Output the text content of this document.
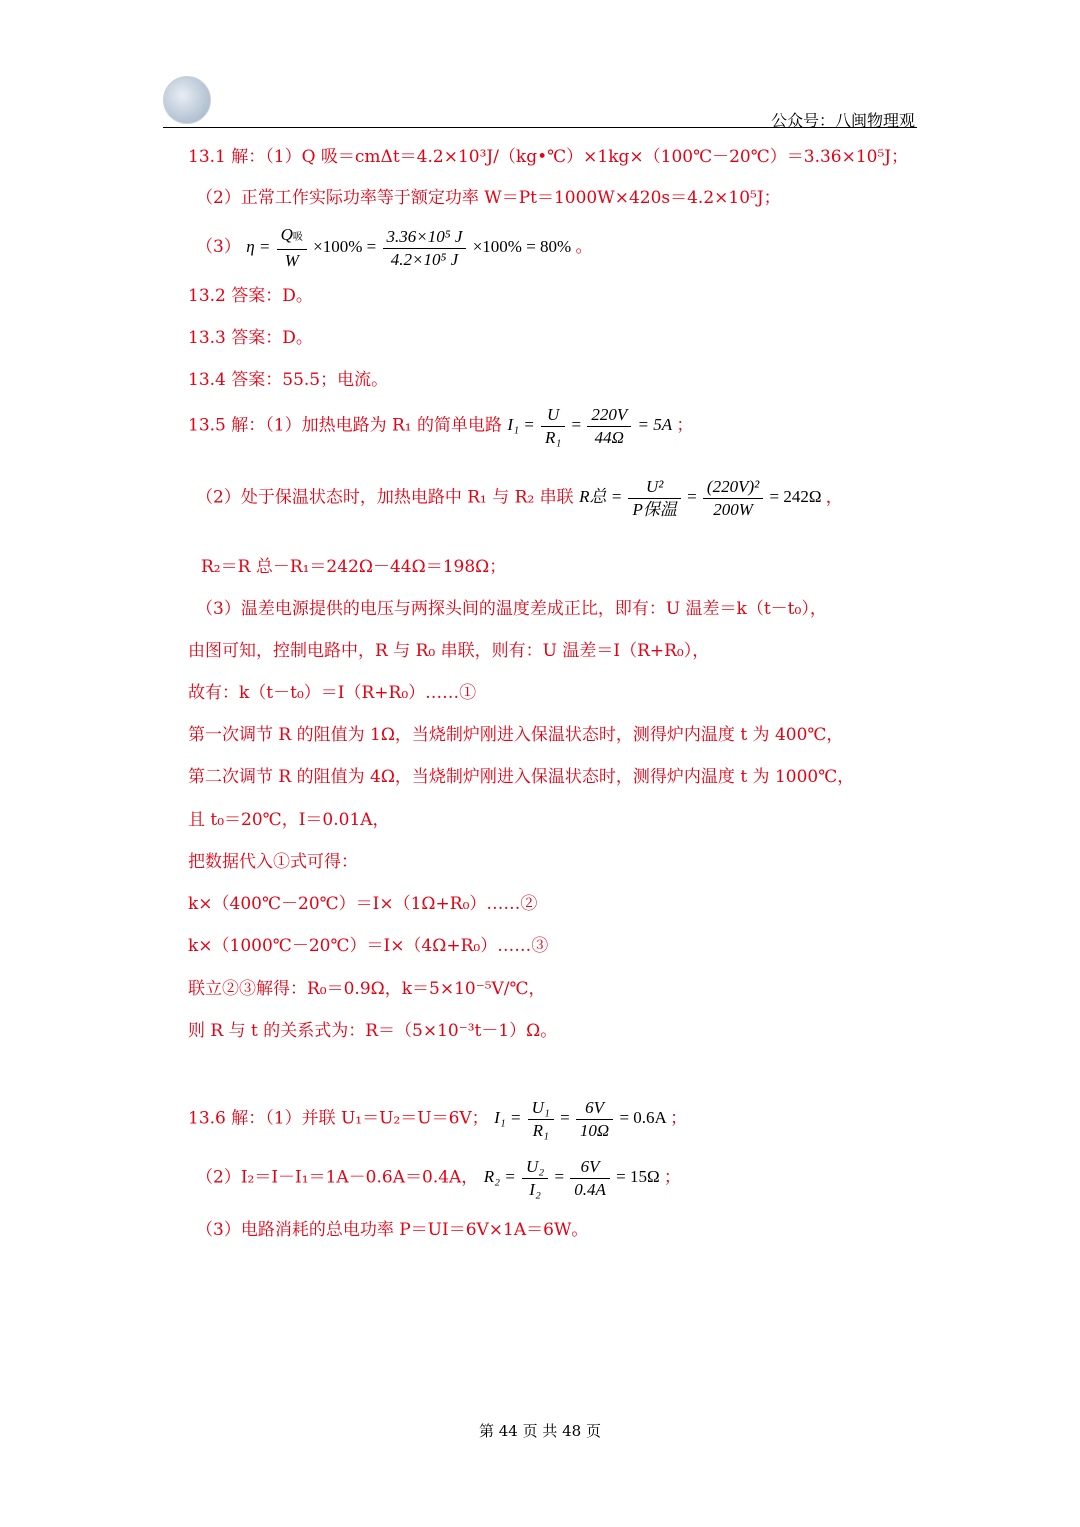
公众号：八闽物理观
13.1 解：（1）Q 吸＝cmΔt＝4.2×10³J/（kg•℃）×1kg×（100℃－20℃）＝3.36×10⁵J；
（2）正常工作实际功率等于额定功率 W＝Pt＝1000W×420s＝4.2×10⁵J；
（3） $\eta = \frac{\text{Q吸}}{W} \times 100\% = \frac{\text{3.36×10⁵ J}}{\text{4.2×10⁵ J}} \times 100\% = 80\%$ 。
13.2 答案：D。
13.3 答案：D。
13.4 答案：55.5；电流。
13.5 解：（1）加热电路为 R₁ 的简单电路 $I_1 = \frac{U}{\text{R₁}} = \frac{220V}{44\Omega} = 5A$ ；
（2）处于保温状态时，加热电路中 R₁ 与 R₂ 串联 R总 = $\frac{\text{U²}}{\text{P保温}} = \frac{\text{(220V)²}}{200W} = 242\Omega$ ，
R₂＝R 总－R₁＝242Ω－44Ω＝198Ω；
（3）温差电源提供的电压与两探头间的温度差成正比，即有：U 温差＝k（t－t₀），
由图可知，控制电路中，R 与 R₀ 串联，则有：U 温差＝I（R+R₀），
故有：k（t－t₀）＝I（R+R₀）……①
第一次调节 R 的阻值为 1Ω，当烧制炉刚进入保温状态时，测得炉内温度 t 为 400℃，
第二次调节 R 的阻值为 4Ω，当烧制炉刚进入保温状态时，测得炉内温度 t 为 1000℃，
且 t₀＝20℃，I＝0.01A，
把数据代入①式可得：
k×（400℃－20℃）＝I×（1Ω+R₀）……②
k×（1000℃－20℃）＝I×（4Ω+R₀）……③
联立②③解得：R₀＝0.9Ω，k＝5×10⁻⁵V/℃，
则 R 与 t 的关系式为：R＝（5×10⁻³t－1）Ω。
13.6 解：（1）并联 U₁＝U₂＝U＝6V； $I_1 = \frac{\text{U₁}}{\text{R₁}} = \frac{6V}{10\Omega} = 0.6A$ ；
（2）I₂＝I－I₁＝1A－0.6A＝0.4A， $R_2 = \frac{\text{U₂}}{\text{I₂}} = \frac{6V}{0.4A} = 15\Omega$ ；
（3）电路消耗的总电功率 P＝UI＝6V×1A＝6W。
第 44 页 共 48 页
